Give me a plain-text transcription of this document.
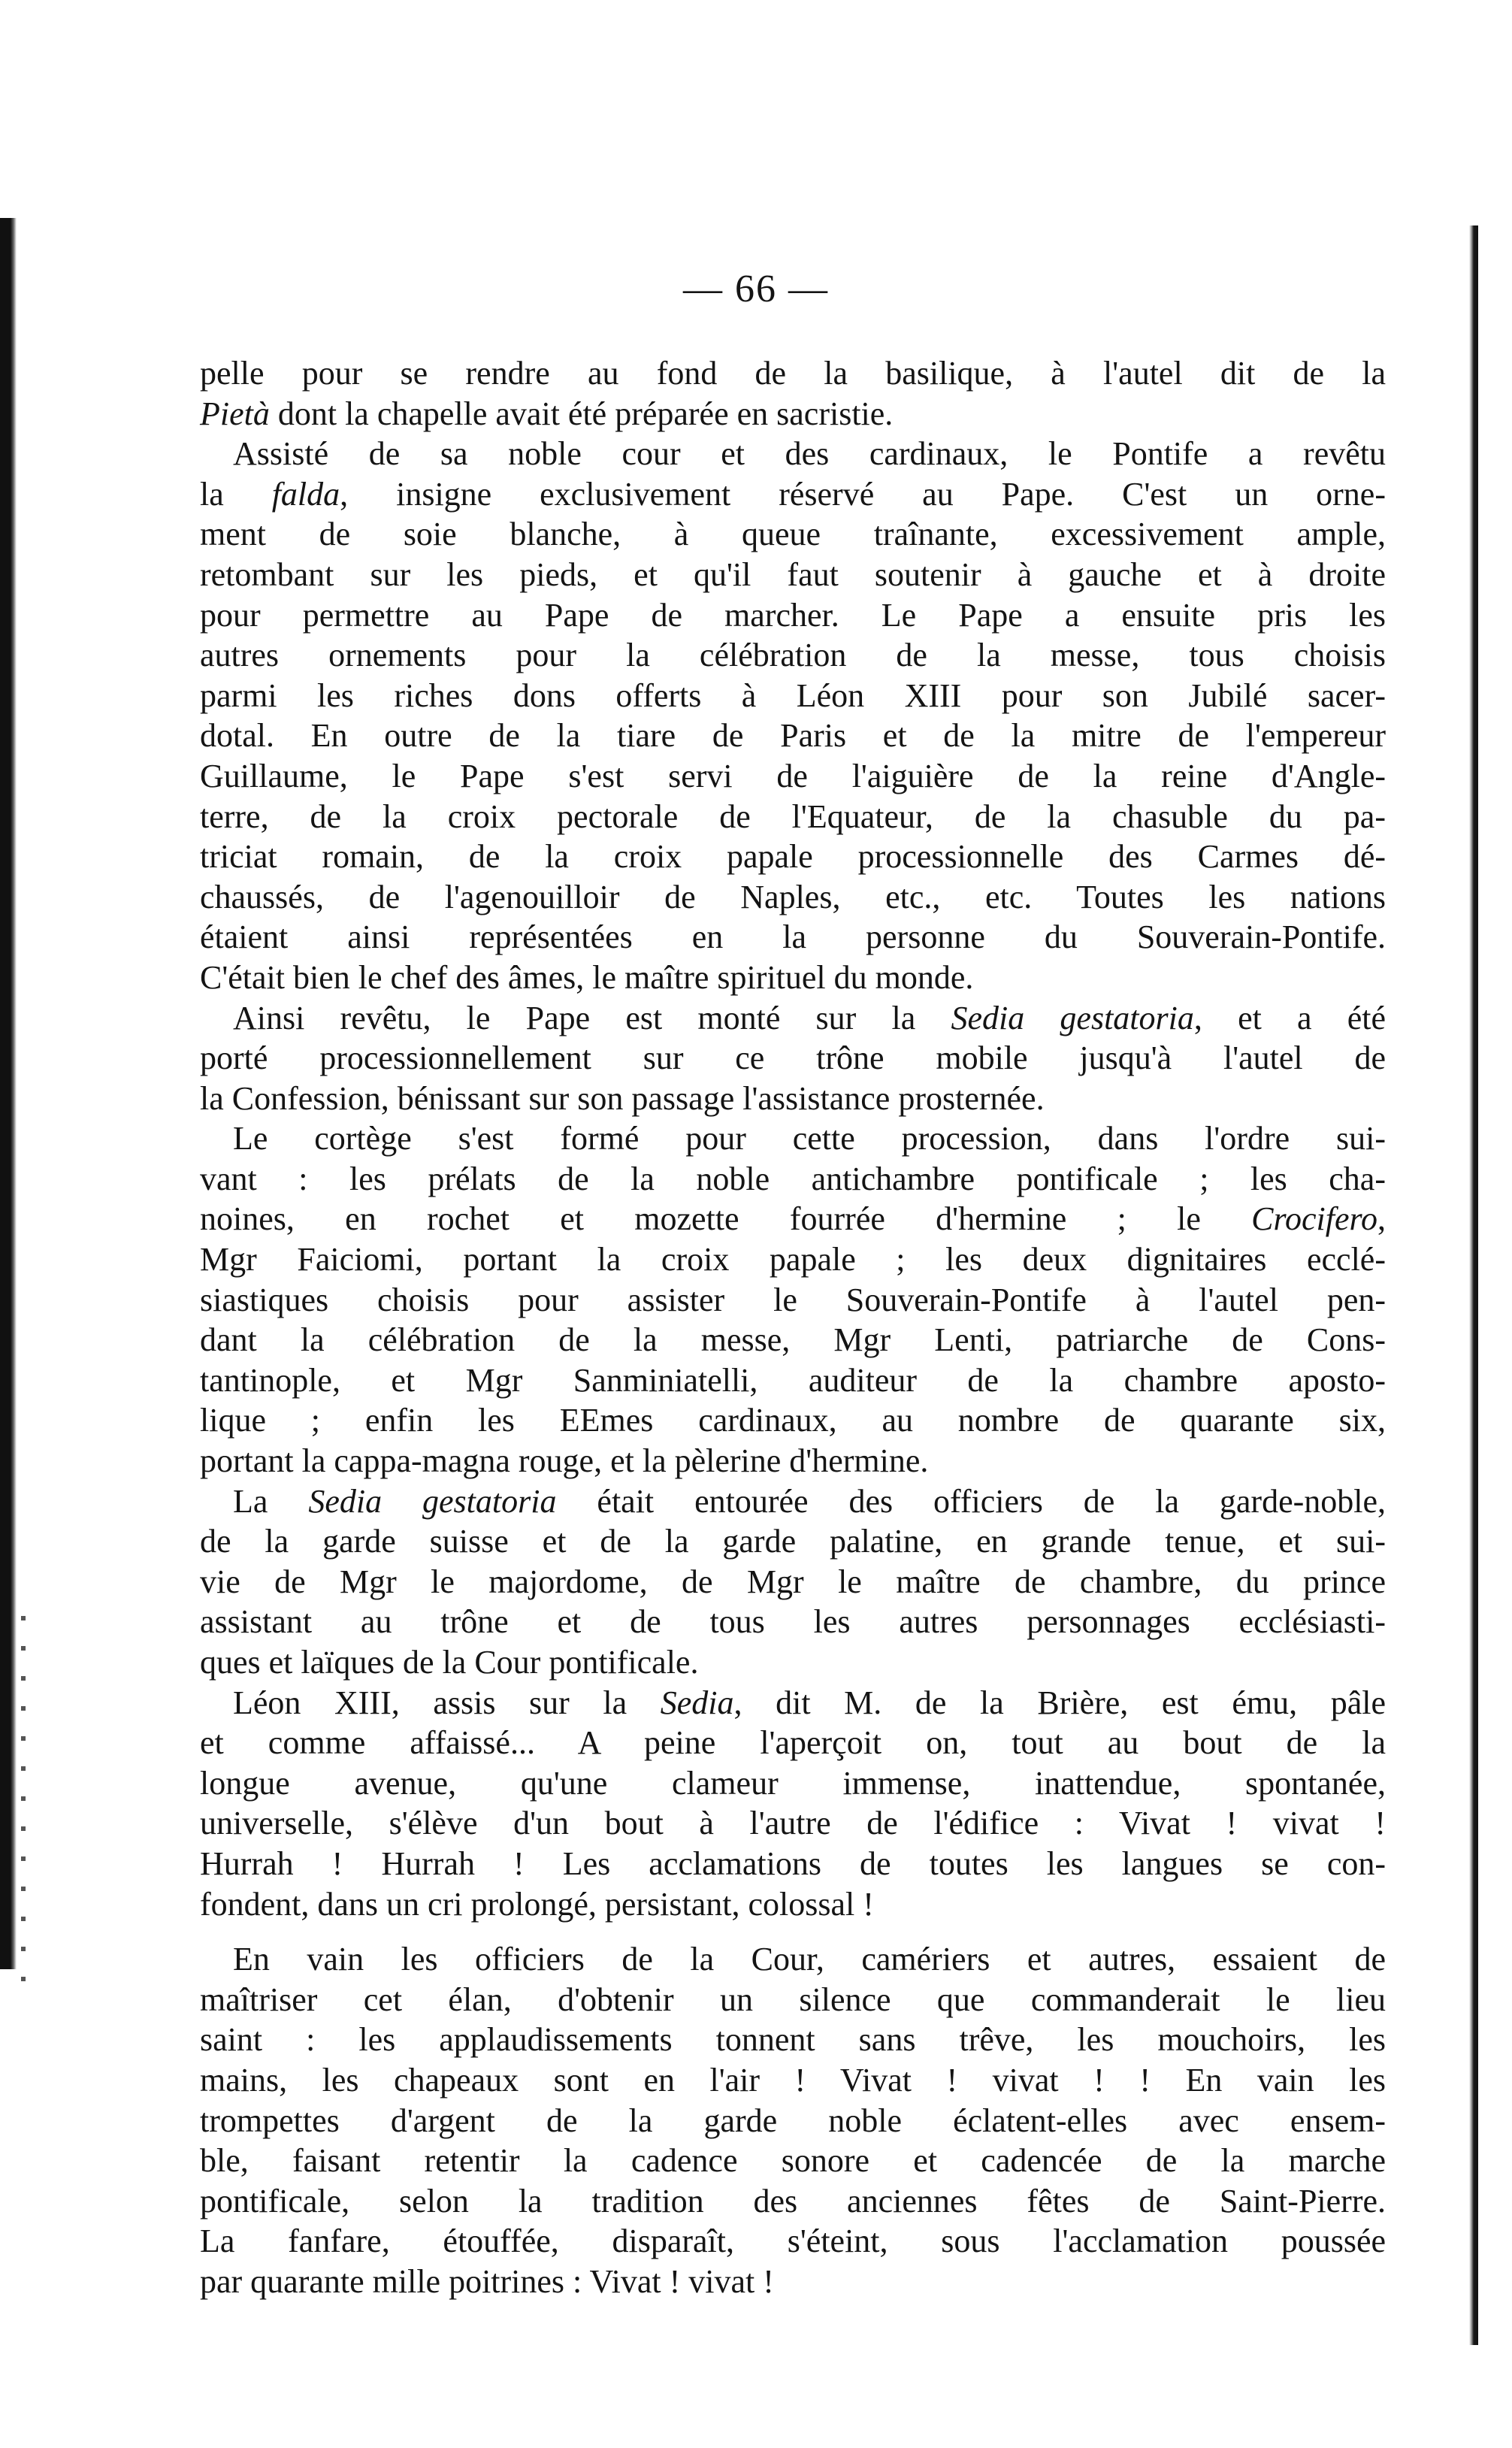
— 66 —
pelle pour se rendre au fond de la basilique, à l'autel dit de la
Pietà dont la chapelle avait été préparée en sacristie.
Assisté de sa noble cour et des cardinaux, le Pontife a revêtu
la falda, insigne exclusivement réservé au Pape. C'est un orne-
ment de soie blanche, à queue traînante, excessivement ample,
retombant sur les pieds, et qu'il faut soutenir à gauche et à droite
pour permettre au Pape de marcher. Le Pape a ensuite pris les
autres ornements pour la célébration de la messe, tous choisis
parmi les riches dons offerts à Léon XIII pour son Jubilé sacer-
dotal. En outre de la tiare de Paris et de la mitre de l'empereur
Guillaume, le Pape s'est servi de l'aiguière de la reine d'Angle-
terre, de la croix pectorale de l'Equateur, de la chasuble du pa-
triciat romain, de la croix papale processionnelle des Carmes dé-
chaussés, de l'agenouilloir de Naples, etc., etc. Toutes les nations
étaient ainsi représentées en la personne du Souverain-Pontife.
C'était bien le chef des âmes, le maître spirituel du monde.
Ainsi revêtu, le Pape est monté sur la Sedia gestatoria, et a été
porté processionnellement sur ce trône mobile jusqu'à l'autel de
la Confession, bénissant sur son passage l'assistance prosternée.
Le cortège s'est formé pour cette procession, dans l'ordre sui-
vant : les prélats de la noble antichambre pontificale ; les cha-
noines, en rochet et mozette fourrée d'hermine ; le Crocifero,
Mgr Faiciomi, portant la croix papale ; les deux dignitaires ecclé-
siastiques choisis pour assister le Souverain-Pontife à l'autel pen-
dant la célébration de la messe, Mgr Lenti, patriarche de Cons-
tantinople, et Mgr Sanminiatelli, auditeur de la chambre aposto-
lique ; enfin les EEmes cardinaux, au nombre de quarante six,
portant la cappa-magna rouge, et la pèlerine d'hermine.
La Sedia gestatoria était entourée des officiers de la garde-noble,
de la garde suisse et de la garde palatine, en grande tenue, et sui-
vie de Mgr le majordome, de Mgr le maître de chambre, du prince
assistant au trône et de tous les autres personnages ecclésiasti-
ques et laïques de la Cour pontificale.
Léon XIII, assis sur la Sedia, dit M. de la Brière, est ému, pâle
et comme affaissé... A peine l'aperçoit on, tout au bout de la
longue avenue, qu'une clameur immense, inattendue, spontanée,
universelle, s'élève d'un bout à l'autre de l'édifice : Vivat ! vivat !
Hurrah ! Hurrah ! Les acclamations de toutes les langues se con-
fondent, dans un cri prolongé, persistant, colossal !
En vain les officiers de la Cour, camériers et autres, essaient de
maîtriser cet élan, d'obtenir un silence que commanderait le lieu
saint : les applaudissements tonnent sans trêve, les mouchoirs, les
mains, les chapeaux sont en l'air ! Vivat ! vivat ! ! En vain les
trompettes d'argent de la garde noble éclatent-elles avec ensem-
ble, faisant retentir la cadence sonore et cadencée de la marche
pontificale, selon la tradition des anciennes fêtes de Saint-Pierre.
La fanfare, étouffée, disparaît, s'éteint, sous l'acclamation poussée
par quarante mille poitrines : Vivat ! vivat !
